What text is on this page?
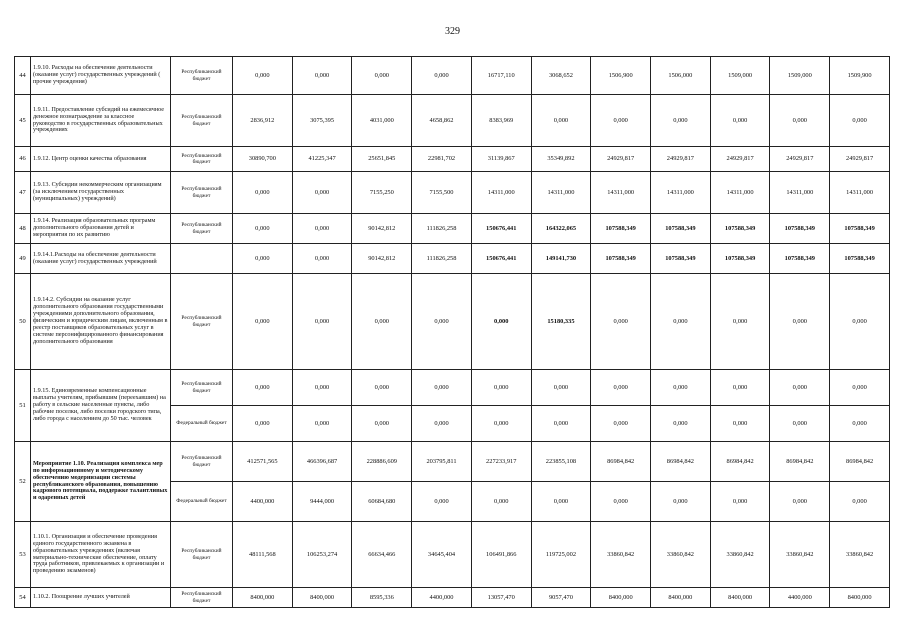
329
44	1.9.10. Расходы на обеспечение деятельности (оказание услуг) государственных учреждений ( прочие учреждения)	Республиканский бюджет	0,000	0,000	0,000	0,000	16717,110	3068,652	1506,900	1506,000	1509,000	1509,000	1509,900
45	1.9.11. Предоставление субсидий на ежемесячное денежное вознаграждение за классное руководство в государственных образовательных учреждениях	Республиканский бюджет	2836,912	3075,395	4031,000	4658,862	8383,969	0,000	0,000	0,000	0,000	0,000	0,000
46	1.9.12. Центр оценки качества образования	Республиканский бюджет	30890,700	41225,347	25651,845	22981,702	31139,867	35349,892	24929,817	24929,817	24929,817	24929,817	24929,817
47	1.9.13. Субсидии некоммерческим организациям (за исключением государственных (муниципальных) учреждений)	Республиканский бюджет	0,000	0,000	7155,250	7155,500	14311,000	14311,000	14311,000	14311,000	14311,000	14311,000	14311,000
48	1.9.14. Реализация образовательных программ дополнительного образования детей и мероприятия по их развитию	Республиканский бюджет	0,000	0,000	90142,812	111826,258	150676,441	164322,065	107588,349	107588,349	107588,349	107588,349	107588,349
49	1.9.14.1.Расходы на обеспечение деятельности (оказание услуг) государственных учреждений		0,000	0,000	90142,812	111826,258	150676,441	149141,730	107588,349	107588,349	107588,349	107588,349	107588,349
50	1.9.14.2. Субсидии на оказание услуг дополнительного образования государственными учреждениями дополнительного образования, физическим и юридическим лицам, включенным в реестр поставщиков образовательных услуг в системе персонифицированного финансирования дополнительного образования	Республиканский бюджет	0,000	0,000	0,000	0,000	0,000	15180,335	0,000	0,000	0,000	0,000	0,000
51	1.9.15. Единовременные компенсационные выплаты учителям, прибывшим (переехавшим) на работу в сельские населенные пункты, либо рабочие поселки, либо поселки городского типа, либо города с населением до 50 тыс. человек	Республиканский бюджет	0,000	0,000	0,000	0,000	0,000	0,000	0,000	0,000	0,000	0,000	0,000
		Федеральный бюджет	0,000	0,000	0,000	0,000	0,000	0,000	0,000	0,000	0,000	0,000	0,000
52	Мероприятие 1.10. Реализация комплекса мер по информационному и методическому обеспечению модернизации системы республиканского образования, повышению кадрового потенциала, поддержке талантливых и одаренных детей	Республиканский бюджет	412571,565	466396,687	228886,609	203795,811	227233,917	223855,108	86984,842	86984,842	86984,842	86984,842	86984,842
		Федеральный бюджет	4400,000	9444,000	60684,680	0,000	0,000	0,000	0,000	0,000	0,000	0,000	0,000
53	1.10.1. Организация и обеспечение проведения единого государственного экзамена в образовательных учреждениях (включая материально-технические обеспечение, оплату труда работников, привлекаемых к организации и проведению экзаменов)	Республиканский бюджет	48111,568	106253,274	66634,466	34645,404	106491,866	119725,002	33860,842	33860,842	33860,842	33860,842	33860,842
54	1.10.2. Поощрение лучших учителей	Республиканский бюджет	8400,000	8400,000	8595,336	4400,000	13057,470	9057,470	8400,000	8400,000	8400,000	4400,000	8400,000
